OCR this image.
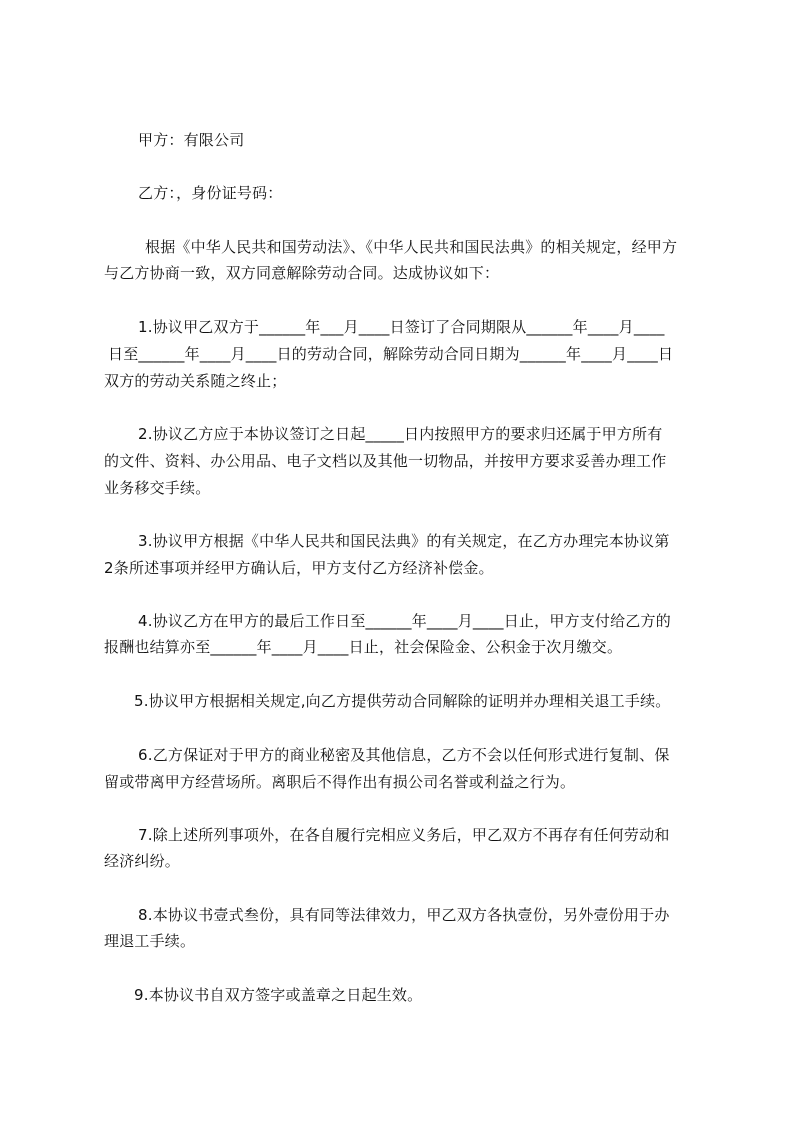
甲方：有限公司

乙方：，身份证号码：

根据《中华人民共和国劳动法》、《中华人民共和国民法典》的相关规定，经甲方

与乙方协商一致，双方同意解除劳动合同。达成协议如下：

1.协议甲乙双方于______年___月____日签订了合同期限从______年____月____

日至______年____月____日的劳动合同，解除劳动合同日期为______年____月____日

双方的劳动关系随之终止；

2.协议乙方应于本协议签订之日起_____日内按照甲方的要求归还属于甲方所有

的文件、资料、办公用品、电子文档以及其他一切物品，并按甲方要求妥善办理工作

业务移交手续。

3.协议甲方根据《中华人民共和国民法典》的有关规定，在乙方办理完本协议第

2条所述事项并经甲方确认后，甲方支付乙方经济补偿金。

4.协议乙方在甲方的最后工作日至______年____月____日止，甲方支付给乙方的

报酬也结算亦至______年____月____日止，社会保险金、公积金于次月缴交。

5.协议甲方根据相关规定,向乙方提供劳动合同解除的证明并办理相关退工手续。

6.乙方保证对于甲方的商业秘密及其他信息，乙方不会以任何形式进行复制、保

留或带离甲方经营场所。离职后不得作出有损公司名誉或利益之行为。

7.除上述所列事项外，在各自履行完相应义务后，甲乙双方不再存有任何劳动和

经济纠纷。

8.本协议书壹式叁份，具有同等法律效力，甲乙双方各执壹份，另外壹份用于办

理退工手续。

9.本协议书自双方签字或盖章之日起生效。
